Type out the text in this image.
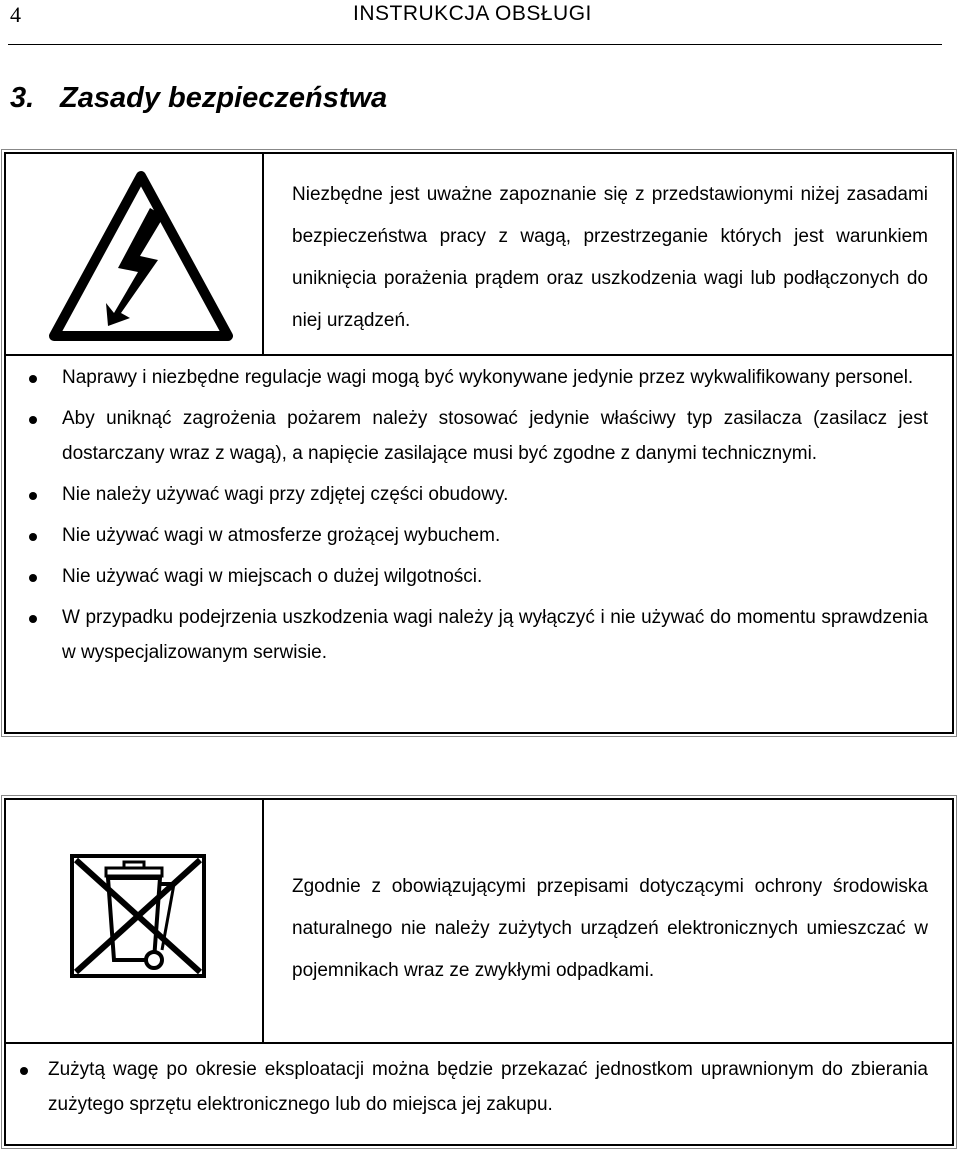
4	INSTRUKCJA OBSŁUGI
3. Zasady bezpieczeństwa
Niezbędne jest uważne zapoznanie się z przedstawionymi niżej zasadami bezpieczeństwa pracy z wagą, przestrzeganie których jest warunkiem uniknięcia porażenia prądem oraz uszkodzenia wagi lub podłączonych do niej urządzeń.
Naprawy i niezbędne regulacje wagi mogą być wykonywane jedynie przez wykwalifikowany personel.
Aby uniknąć zagrożenia pożarem należy stosować jedynie właściwy typ zasilacza (zasilacz jest dostarczany wraz z wagą), a napięcie zasilające musi być zgodne z danymi technicznymi.
Nie należy używać wagi przy zdjętej części obudowy.
Nie używać wagi w atmosferze grożącej wybuchem.
Nie używać wagi w miejscach o dużej wilgotności.
W przypadku podejrzenia uszkodzenia wagi należy ją wyłączyć i nie używać do momentu sprawdzenia w wyspecjalizowanym serwisie.
Zgodnie z obowiązującymi przepisami dotyczącymi ochrony środowiska naturalnego nie należy zużytych urządzeń elektronicznych umieszczać w pojemnikach wraz ze zwykłymi odpadkami.
Zużytą wagę po okresie eksploatacji można będzie przekazać jednostkom uprawnionym do zbierania zużytego sprzętu elektronicznego lub do miejsca jej zakupu.
